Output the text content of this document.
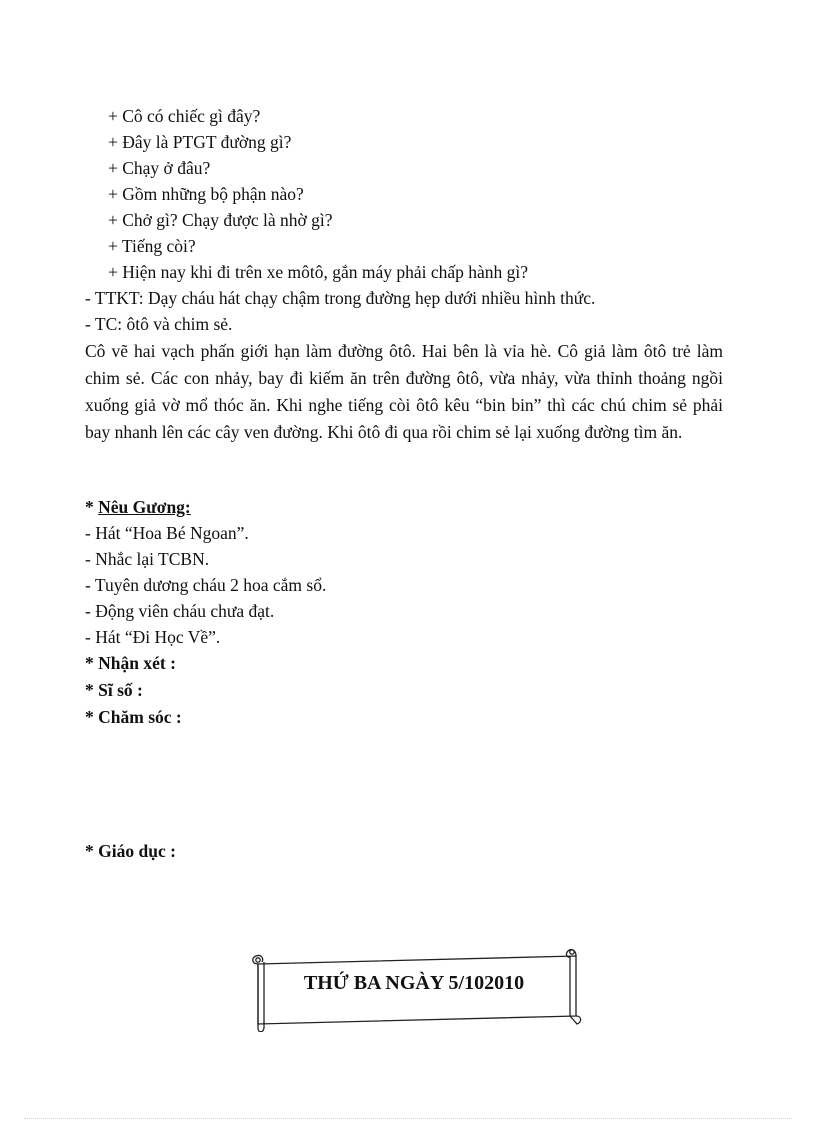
+ Cô có chiếc gì đây?
+ Đây là PTGT đường gì?
+ Chạy ở đâu?
+ Gồm những bộ phận nào?
+ Chở gì? Chạy được là nhờ gì?
+ Tiếng còi?
+ Hiện nay khi đi trên xe môtô, gắn máy phải chấp hành gì?
- TTKT: Dạy cháu hát chạy chậm trong đường hẹp dưới nhiều hình thức.
- TC: ôtô và chim sẻ.
Cô vẽ hai vạch phấn giới hạn làm đường ôtô. Hai bên là vỉa hè. Cô giả làm ôtô trẻ làm chim sẻ. Các con nhảy, bay đi kiếm ăn trên đường ôtô, vừa nhảy, vừa thỉnh thoảng ngồi xuống giả vờ mổ thóc ăn. Khi nghe tiếng còi ôtô kêu “bin bin” thì các chú chim sẻ phải bay nhanh lên các cây ven đường. Khi ôtô đi qua rồi chim sẻ lại xuống đường tìm ăn.
* Nêu Gương:
- Hát “Hoa Bé Ngoan”.
- Nhắc lại TCBN.
- Tuyên dương cháu 2 hoa cắm sổ.
- Động viên cháu chưa đạt.
- Hát “Đi Học Về”.
* Nhận xét :
* Sĩ số :
* Chăm sóc :
* Giáo dục :
THỨ BA NGÀY 5/102010
